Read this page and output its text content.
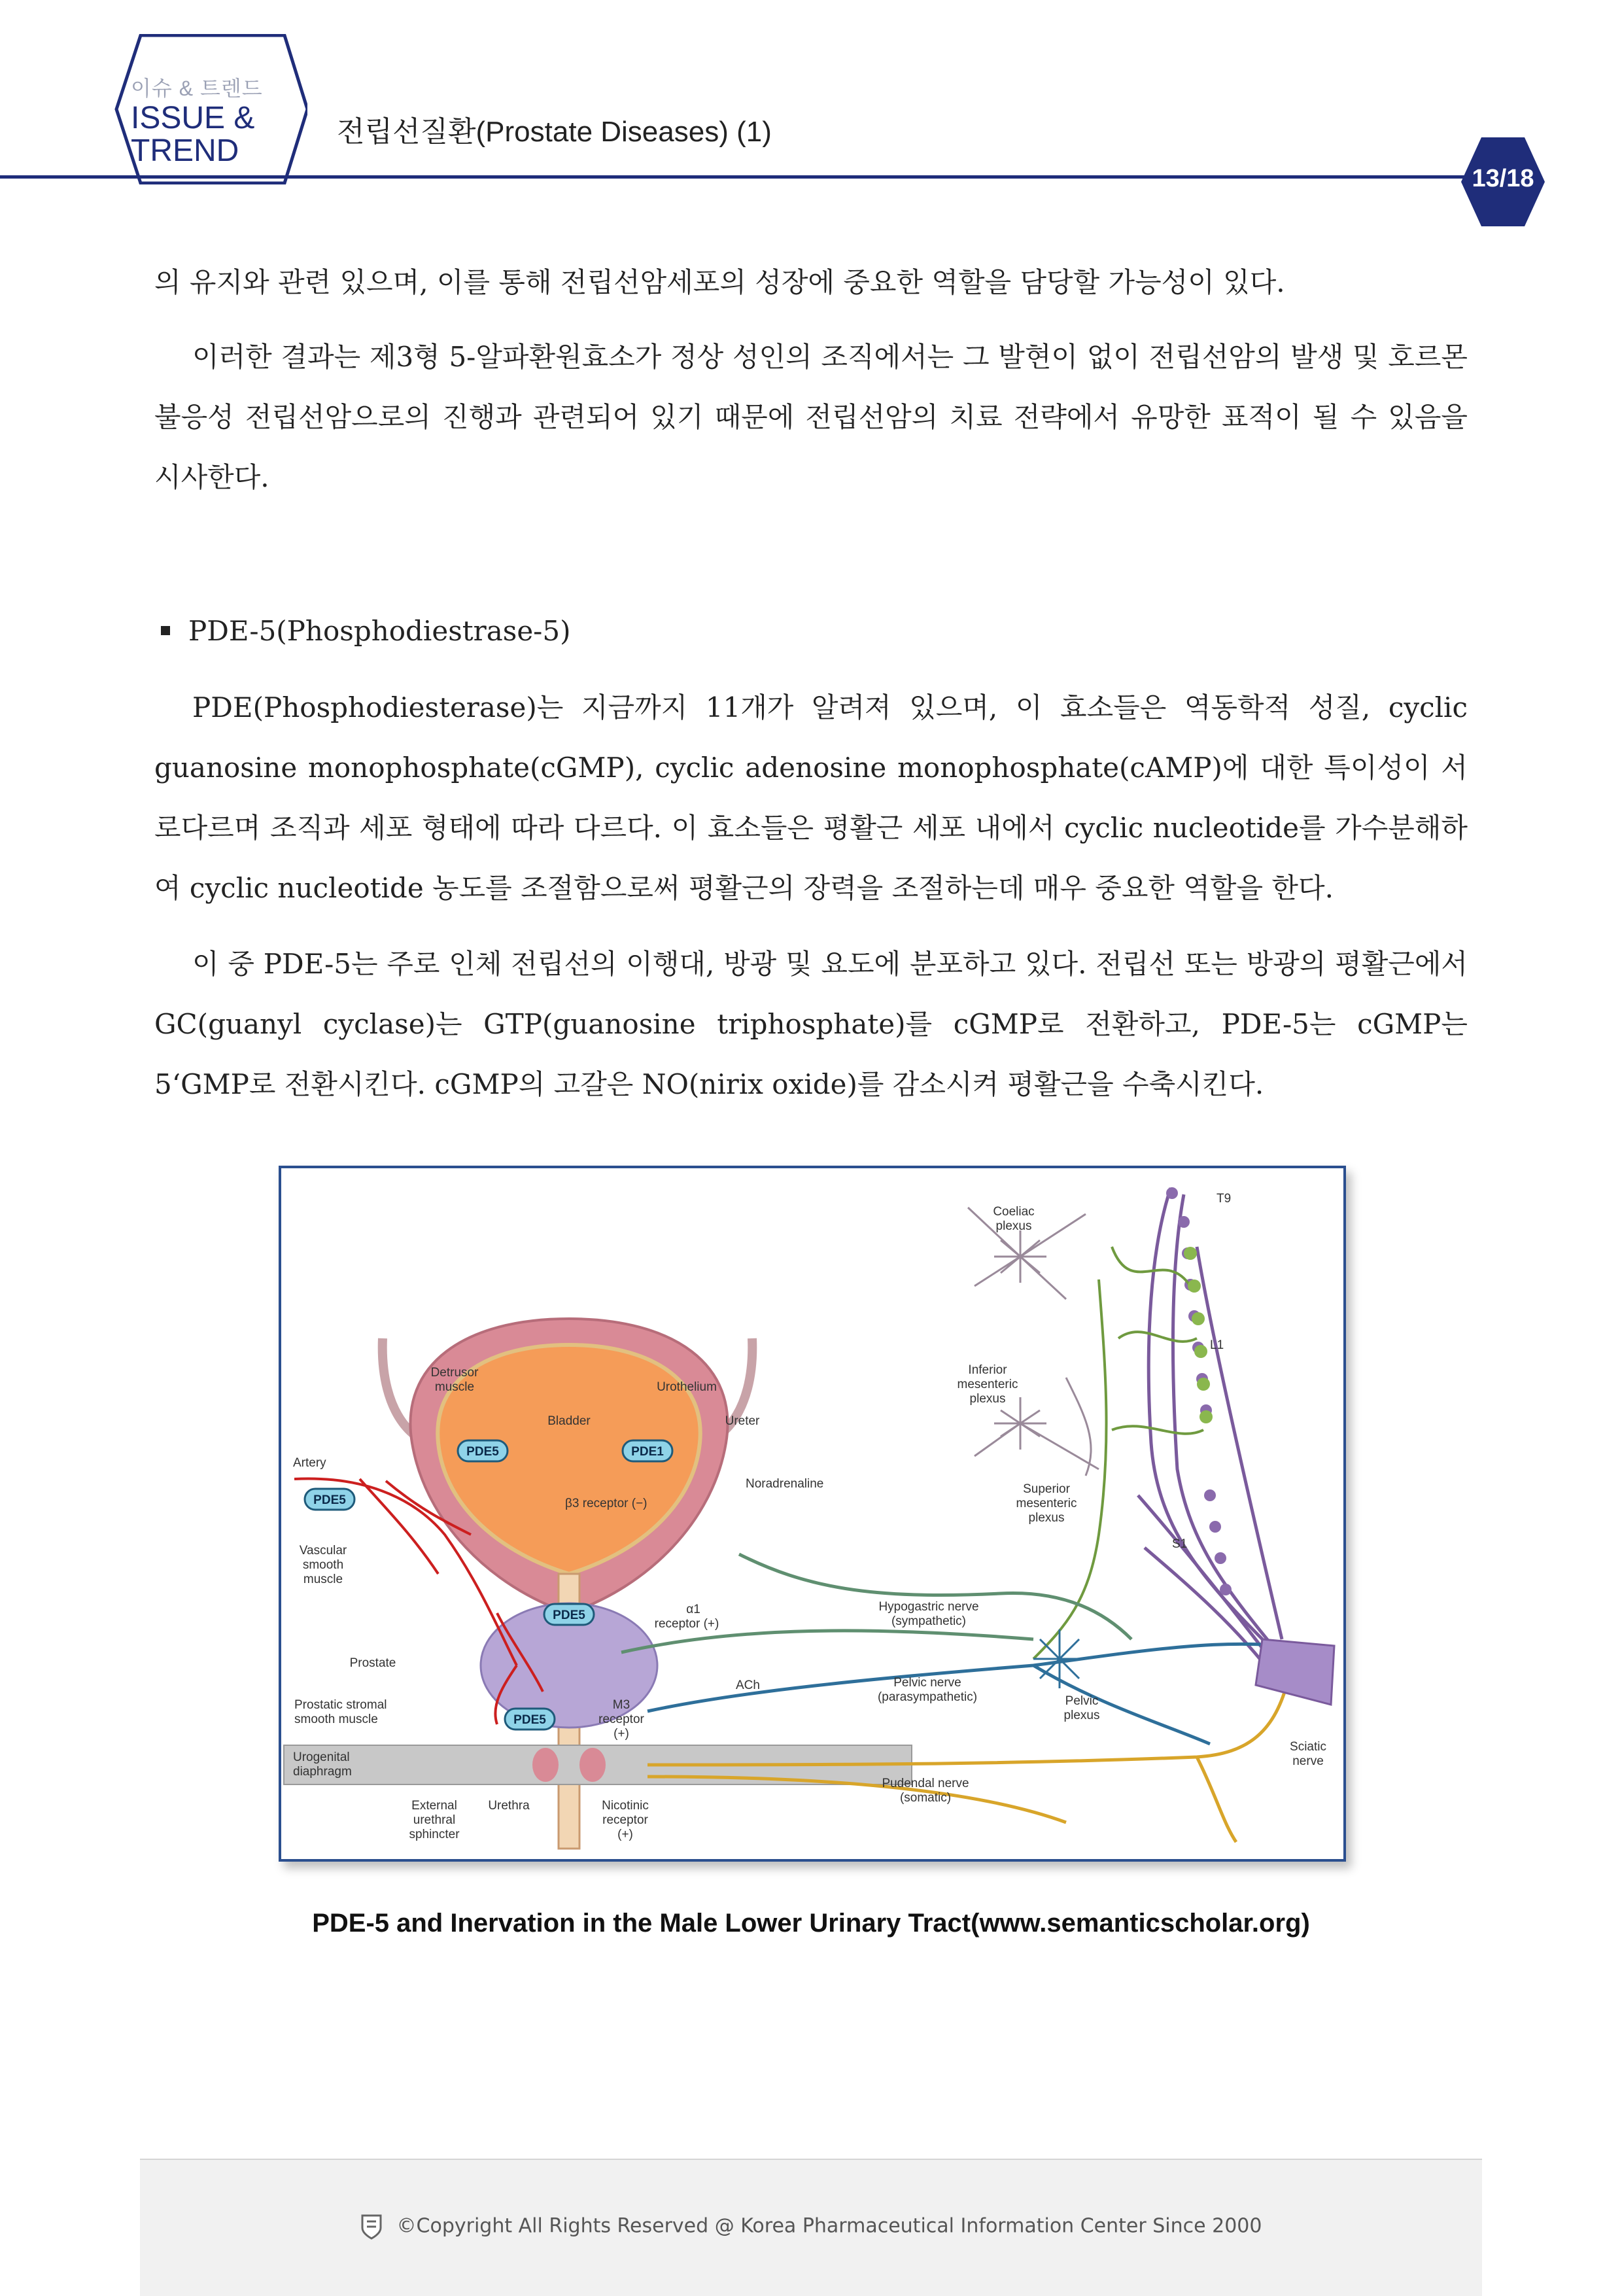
이슈 & 트렌드
ISSUE &
TREND
전립선질환(Prostate Diseases) (1)
13/18
의 유지와 관련 있으며, 이를 통해 전립선암세포의 성장에 중요한 역할을 담당할 가능성이 있다.
이러한 결과는 제3형 5-알파환원효소가 정상 성인의 조직에서는 그 발현이 없이 전립선암의 발생 및 호르몬 불응성 전립선암으로의 진행과 관련되어 있기 때문에 전립선암의 치료 전략에서 유망한 표적이 될 수 있음을 시사한다.
PDE-5(Phosphodiestrase-5)
PDE(Phosphodiesterase)는 지금까지 11개가 알려져 있으며, 이 효소들은 역동학적 성질, cyclic guanosine monophosphate(cGMP), cyclic adenosine monophosphate(cAMP)에 대한 특이성이 서로다르며 조직과 세포 형태에 따라 다르다. 이 효소들은 평활근 세포 내에서 cyclic nucleotide를 가수분해하여 cyclic nucleotide 농도를 조절함으로써 평활근의 장력을 조절하는데 매우 중요한 역할을 한다.
이 중 PDE-5는 주로 인체 전립선의 이행대, 방광 및 요도에 분포하고 있다. 전립선 또는 방광의 평활근에서 GC(guanyl cyclase)는 GTP(guanosine triphosphate)를 cGMP로 전환하고, PDE-5는 cGMP는 5‘GMP로 전환시킨다. cGMP의 고갈은 NO(nirix oxide)를 감소시켜 평활근을 수축시킨다.
PDE5	PDE1
PDE5
PDE5
PDE5
T9
Coeliac
plexus
L1
Inferior
mesenteric
plexus
Superior
mesenteric
plexus
S1
Detrusor
muscle	Urothelium
Bladder	Ureter
Artery
Noradrenaline
β3 receptor (−)
Vascular
smooth
muscle
α1
receptor (+)
Hypogastric nerve
(sympathetic)
Prostate
ACh	Pelvic nerve
(parasympathetic)	Pelvic
plexus
Prostatic stromal
smooth muscle
M3
receptor
(+)
Sciatic
nerve
Urogenital
diaphragm
Pudendal nerve
(somatic)
External
urethral
sphincter
Urethra	Nicotinic
receptor
(+)
PDE-5 and Inervation in the Male Lower Urinary Tract(www.semanticscholar.org)
©Copyright All Rights Reserved @ Korea Pharmaceutical Information Center Since 2000
